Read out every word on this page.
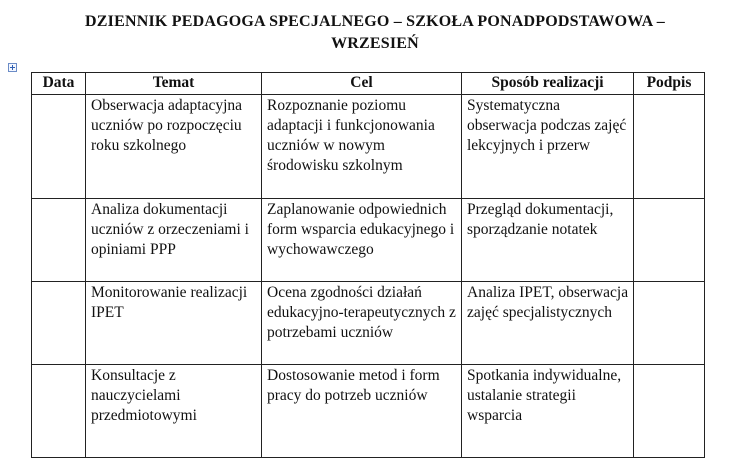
DZIENNIK PEDAGOGA SPECJALNEGO – SZKOŁA PONADPODSTAWOWA –
WRZESIEŃ
Data	Temat	Cel	Sposób realizacji	Podpis
	Obserwacja adaptacyjna uczniów po rozpoczęciu roku szkolnego	Rozpoznanie poziomu adaptacji i funkcjonowania uczniów w nowym środowisku szkolnym	Systematyczna obserwacja podczas zajęć lekcyjnych i przerw	
	Analiza dokumentacji uczniów z orzeczeniami i opiniami PPP	Zaplanowanie odpowiednich form wsparcia edukacyjnego i wychowawczego	Przegląd dokumentacji, sporządzanie notatek	
	Monitorowanie realizacji IPET	Ocena zgodności działań edukacyjno-terapeutycznych z potrzebami uczniów	Analiza IPET, obserwacja zajęć specjalistycznych	
	Konsultacje z nauczycielami przedmiotowymi	Dostosowanie metod i form pracy do potrzeb uczniów	Spotkania indywidualne, ustalanie strategii wsparcia	
